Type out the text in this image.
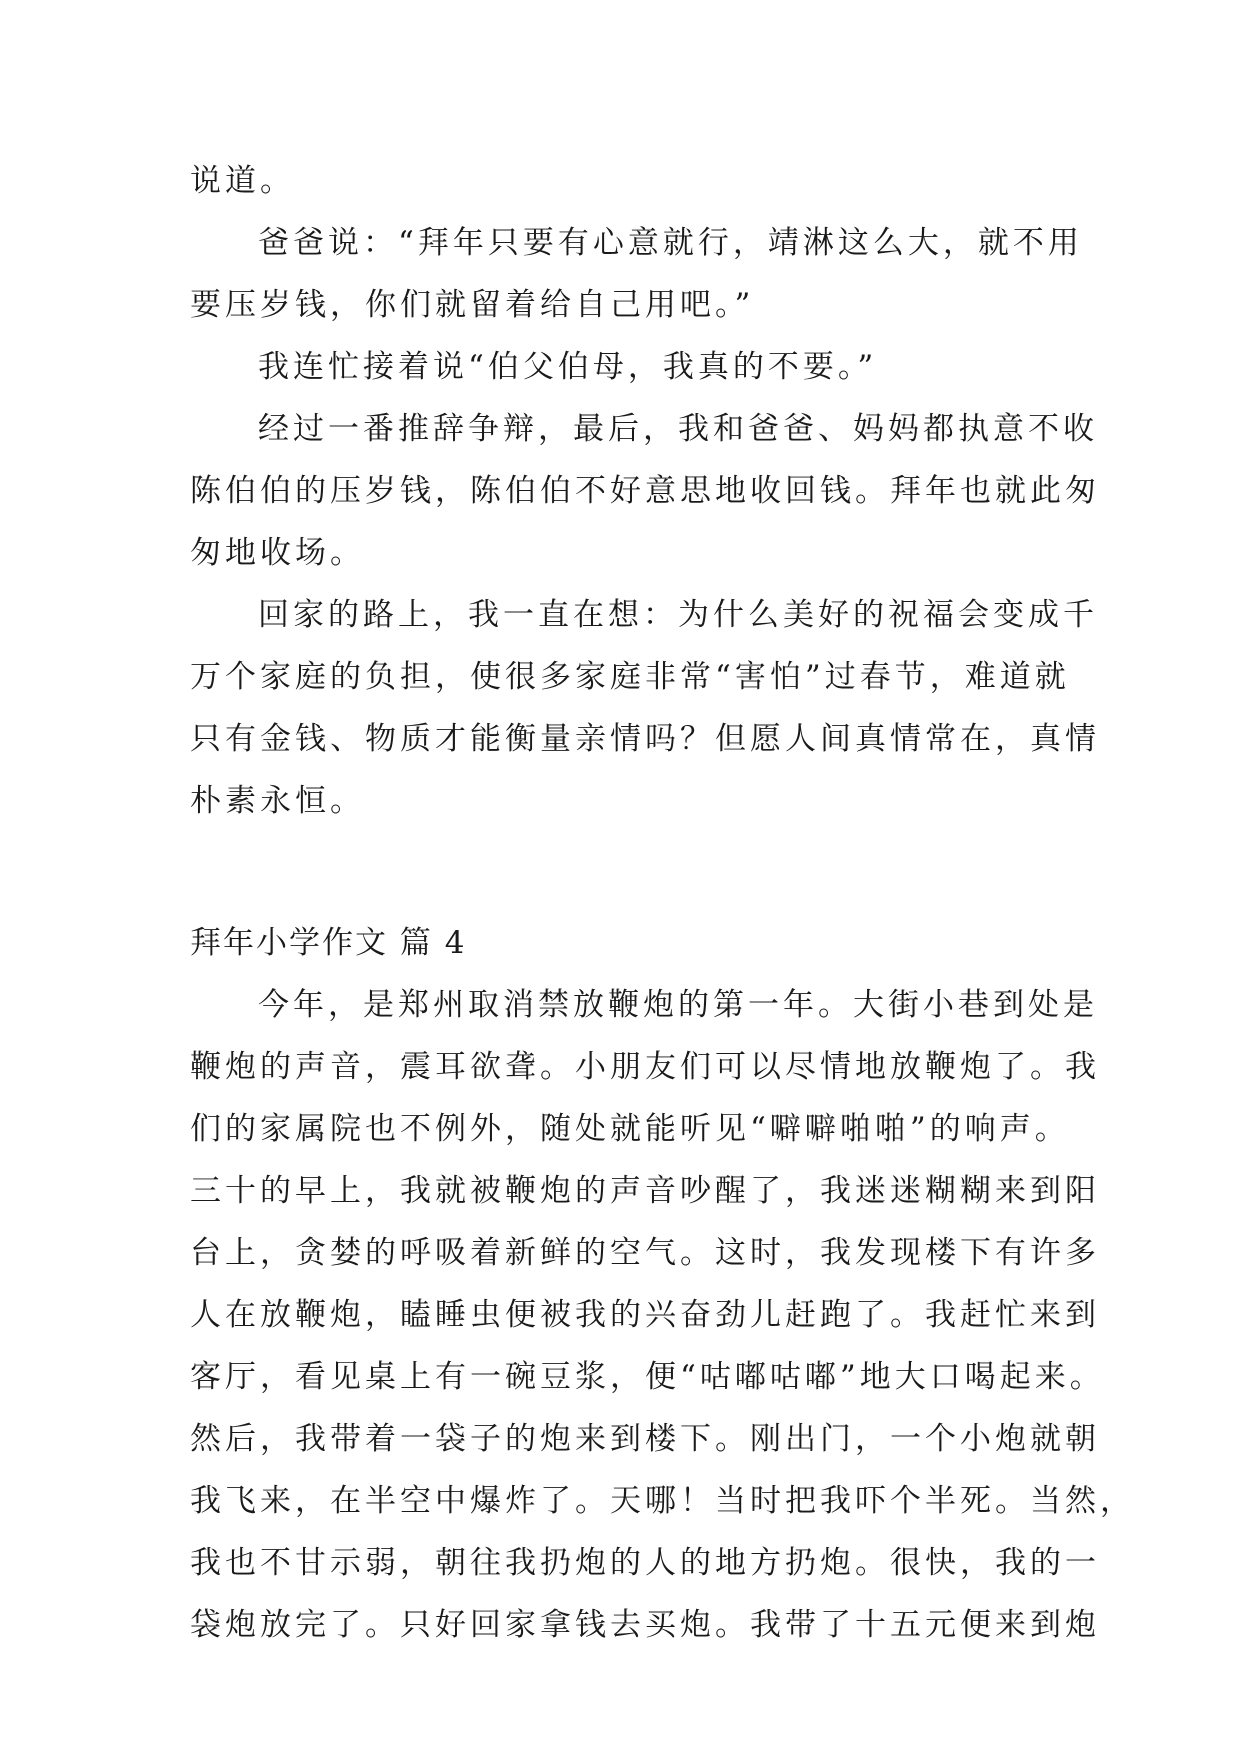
说道。
爸爸说：“拜年只要有心意就行，靖淋这么大，就不用
要压岁钱，你们就留着给自己用吧。”
我连忙接着说“伯父伯母，我真的不要。”
经过一番推辞争辩，最后，我和爸爸、妈妈都执意不收
陈伯伯的压岁钱，陈伯伯不好意思地收回钱。拜年也就此匆
匆地收场。
回家的路上，我一直在想：为什么美好的祝福会变成千
万个家庭的负担，使很多家庭非常“害怕”过春节，难道就
只有金钱、物质才能衡量亲情吗？但愿人间真情常在，真情
朴素永恒。
拜年小学作文 篇 4
今年，是郑州取消禁放鞭炮的第一年。大街小巷到处是
鞭炮的声音，震耳欲聋。小朋友们可以尽情地放鞭炮了。我
们的家属院也不例外，随处就能听见“噼噼啪啪”的响声。
三十的早上，我就被鞭炮的声音吵醒了，我迷迷糊糊来到阳
台上，贪婪的呼吸着新鲜的空气。这时，我发现楼下有许多
人在放鞭炮，瞌睡虫便被我的兴奋劲儿赶跑了。我赶忙来到
客厅，看见桌上有一碗豆浆，便“咕嘟咕嘟”地大口喝起来。
然后，我带着一袋子的炮来到楼下。刚出门，一个小炮就朝
我飞来，在半空中爆炸了。天哪！当时把我吓个半死。当然，
我也不甘示弱，朝往我扔炮的人的地方扔炮。很快，我的一
袋炮放完了。只好回家拿钱去买炮。我带了十五元便来到炮
